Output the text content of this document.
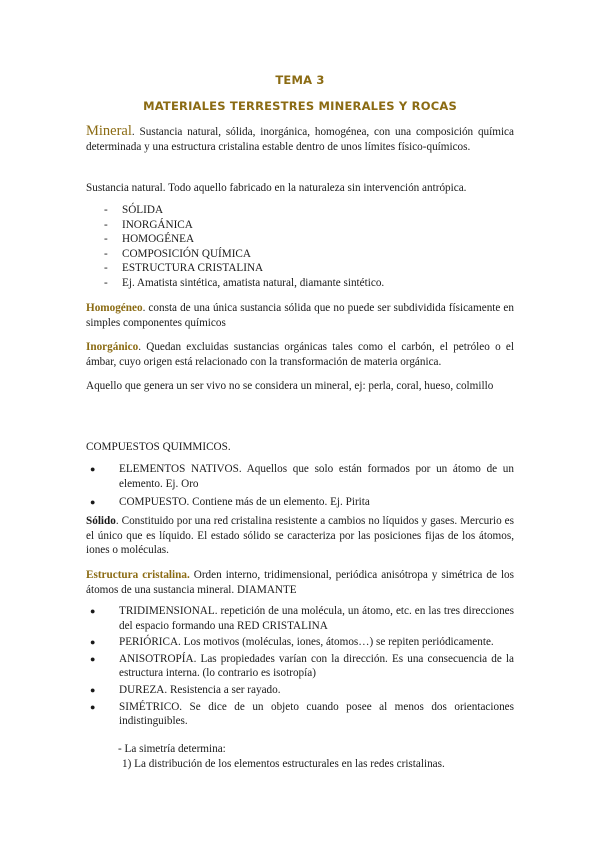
TEMA 3
MATERIALES TERRESTRES MINERALES Y ROCAS
Mineral. Sustancia natural, sólida, inorgánica, homogénea, con una composición química determinada y una estructura cristalina estable dentro de unos límites físico-químicos.
Sustancia natural. Todo aquello fabricado en la naturaleza sin intervención antrópica.
- SÓLIDA
- INORGÁNICA
- HOMOGÉNEA
- COMPOSICIÓN QUÍMICA
- ESTRUCTURA CRISTALINA
- Ej. Amatista sintética, amatista natural, diamante sintético.
Homogéneo. consta de una única sustancia sólida que no puede ser subdividida físicamente en simples componentes químicos
Inorgánico. Quedan excluidas sustancias orgánicas tales como el carbón, el petróleo o el ámbar, cuyo origen está relacionado con la transformación de materia orgánica.
Aquello que genera un ser vivo no se considera un mineral, ej: perla, coral, hueso, colmillo
COMPUESTOS QUIMMICOS.
● ELEMENTOS NATIVOS. Aquellos que solo están formados por un átomo de un elemento. Ej. Oro
● COMPUESTO. Contiene más de un elemento. Ej. Pirita
Sólido. Constituido por una red cristalina resistente a cambios no líquidos y gases. Mercurio es el único que es líquido. El estado sólido se caracteriza por las posiciones fijas de los átomos, iones o moléculas.
Estructura cristalina. Orden interno, tridimensional, periódica anisótropa y simétrica de los átomos de una sustancia mineral. DIAMANTE
● TRIDIMENSIONAL. repetición de una molécula, un átomo, etc. en las tres direcciones del espacio formando una RED CRISTALINA
● PERIÓRICA. Los motivos (moléculas, iones, átomos…) se repiten periódicamente.
● ANISOTROPÍA. Las propiedades varían con la dirección. Es una consecuencia de la estructura interna. (lo contrario es isotropía)
● DUREZA. Resistencia a ser rayado.
● SIMÉTRICO. Se dice de un objeto cuando posee al menos dos orientaciones indistinguibles.
- La simetría determina:
1) La distribución de los elementos estructurales en las redes cristalinas.
